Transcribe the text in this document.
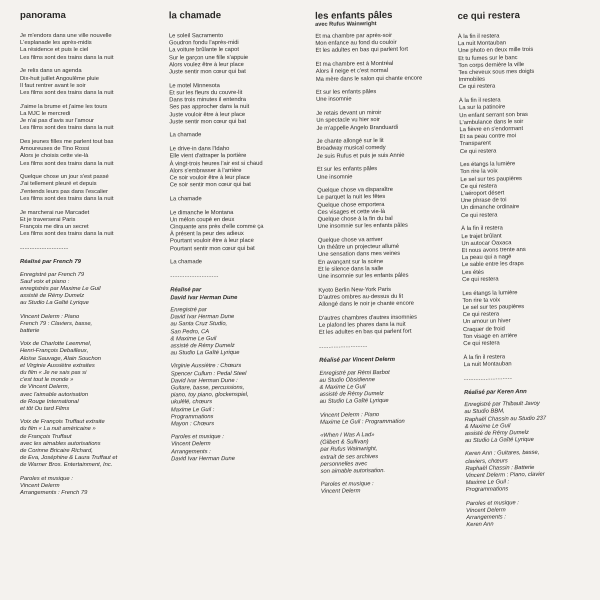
panorama
Je m'endors dans une ville nouvelle
L'esplanade les après-midis
La résidence et puis le ciel
Les films sont des trains dans la nuit
Je relis dans un agenda
Dix-huit juillet Angoulême pluie
Il faut rentrer avant le soir
Les films sont des trains dans la nuit
J'aime la brume et j'aime les tours
La MJC le mercredi
Je n'ai pas d'avis sur l'amour
Les films sont des trains dans la nuit
Des jeunes filles me parlent tout bas
Amoureuses de Tino Rossi
Alors je choisis cette vie-là
Les films sont des trains dans la nuit
Quelque chose un jour s'est passé
J'ai tellement pleuré et depuis
J'entends leurs pas dans l'escalier
Les films sont des trains dans la nuit
Je marcherai rue Marcadet
Et je traverserai Paris
François me dira un secret
Les films sont des trains dans la nuit
--------------------
Réalisé par French 79
Enregistré par French 79
Sauf voix et piano :
enregistrés par Maxime Le Guil
assisté de Rémy Dumelz
au Studio La Gaîté Lyrique
Vincent Delerm : Piano
French 79 : Claviers, basse,
batterie
Voix de Charlotte Leemmel,
Henri-François Debailleux,
Aloïse Sauvage, Alain Souchon
et Virginie Aussiètre extraites
du film « Je ne sais pas si
c'est tout le monde »
de Vincent Delerm,
avec l'aimable autorisation
de Rouge International
et tôt Ou tard Films
Voix de François Truffaut extraite
du film « La nuit américaine »
de François Truffaut
avec les aimables autorisations
de Corinne Bricaire Richard,
de Eva, Joséphine & Laura Truffaut et
de Warner Bros. Entertainment, Inc.
Paroles et musique :
Vincent Delerm
Arrangements : French 79
la chamade
Le soleil Sacramento
Goudron fondu l'après-midi
La voiture brûlante le capot
Sur le garçon une fille s'appuie
Alors voulez être à leur place
Juste sentir mon cœur qui bat
Le motel Minnesota
Et sur les fleurs du couvre-lit
Dans trois minutes il entendra
Ses pas approcher dans la nuit
Juste vouloir être à leur place
Juste sentir mon cœur qui bat
La chamade
Le drive-in dans l'Idaho
Elle vient d'attraper la portière
À vingt-trois heures l'air est si chaud
Alors s'embrasser à l'arrière
Ce soir vouloir être à leur place
Ce soir sentir mon cœur qui bat
La chamade
Le dimanche le Montana
Un mélon coupé en deux
Cinquante ans près d'elle comme ça
À présent la peur des adieux
Pourtant vouloir être à leur place
Pourtant sentir mon cœur qui bat
La chamade
--------------------
Réalisé par
David Ivar Herman Dune
Enregistré par
David Ivar Herman Dune
au Santa Cruz Studio,
San Pedro, CA
& Maxime Le Guil
assisté de Rémy Dumelz
au Studio La Gaîté Lyrique
Virginie Aussiètre : Chœurs
Spencer Cullum : Pedal Steel
David Ivar Herman Dune :
Guitare, basse, percussions,
piano, toy piano, glockenspiel,
ukulélé, chœurs
Maxime Le Guil :
Programmations
Mayon : Chœurs
Paroles et musique :
Vincent Delerm
Arrangements :
David Ivar Herman Dune
les enfants pâles
avec Rufus Wainwright
Et ma chambre par après-soir
Mon enfance au fond du couloir
Et les adultes en bas qui parlent fort
Et ma chambre est à Montréal
Alors il neige et c'est normal
Ma mère dans le salon qui chante encore
Et sur les enfants pâles
Une insomnie
Je retais devant un miroir
Un spectacle vu hier soir
Je m'appelle Angelo Branduardi
Je chante allongé sur le lit
Broadway musical comedy
Je suis Rufus et puis je suis Annie
Et sur les enfants pâles
Une insomnie
Quelque chose va disparaître
Le parquet la nuit les fêtes
Quelque chose emportera
Ces visages et cette vie-là
Quelque chose à la fin du bal
Une insomnie sur les enfants pâles
Quelque chose va arriver
Un théâtre un projecteur allumé
Une sensation dans mes veines
En avançant sur la scène
Et le silence dans la salle
Une insomnie sur les enfants pâles
Kyoto Berlin New-York Paris
D'autres ombres au-dessus du lit
Allongé dans le noir je chante encore
D'autres chambres d'autres insomnies
Le plafond les phares dans la nuit
Et les adultes en bas qui parlent fort
--------------------
Réalisé par Vincent Delerm
Enregistré par Rémi Barbot
au Studio Obsidienne
& Maxime Le Guil
assisté de Rémy Dumelz
au Studio La Gaîté Lyrique
Vincent Delerm : Piano
Maxime Le Guil : Programmation
«When I Was A Lad»
(Gilbert & Sullivan)
par Rufus Wainwright,
extrait de ses archives
personnelles avec
son aimable autorisation.
Paroles et musique :
Vincent Delerm
ce qui restera
À la fin il restera
La nuit Montauban
Une photo en deux mille trois
Et tu fumes sur le banc
Ton corps dernière la ville
Tes cheveux sous mes doigts
Immobiles
Ce qui restera
À la fin il restera
La sur la patinoire
Un enfant serrant son bras
L'ambulance dans le soir
La fièvre en s'endormant
Et sa peau contre moi
Transparent
Ce qui restera
Les étangs la lumière
Ton rire la voix
Le sel sur tes paupières
Ce qui restera
L'aéroport désert
Une phrase de toi
Un dimanche ordinaire
Ce qui restera
À la fin il restera
Le trajet brûlant
Un autocar Oaxaca
Et nous avons trente ans
La peau qui a nagé
Le sable entre les draps
Les étés
Ce qui restera
Les étangs la lumière
Ton rire ta voix
Le sel sur tes paupières
Ce qui restera
Un amour un hiver
Craquer de froid
Ton visage en arrière
Ce qui restera
À la fin il restera
La nuit Montauban
--------------------
Réalisé par Keren Ann
Enregistré par Thibault Javoy
au Studio BBM,
Raphaël Chassin au Studio 237
& Maxime Le Guil
assisté de Rémy Dumelz
au Studio La Gaîté Lyrique
Keren Ann : Guitares, basse,
claviers, chœurs
Raphaël Chassin : Batterie
Vincent Delerm : Piano, clavier
Maxime Le Guil :
Programmations
Paroles et musique :
Vincent Delerm
Arrangements :
Keren Ann
